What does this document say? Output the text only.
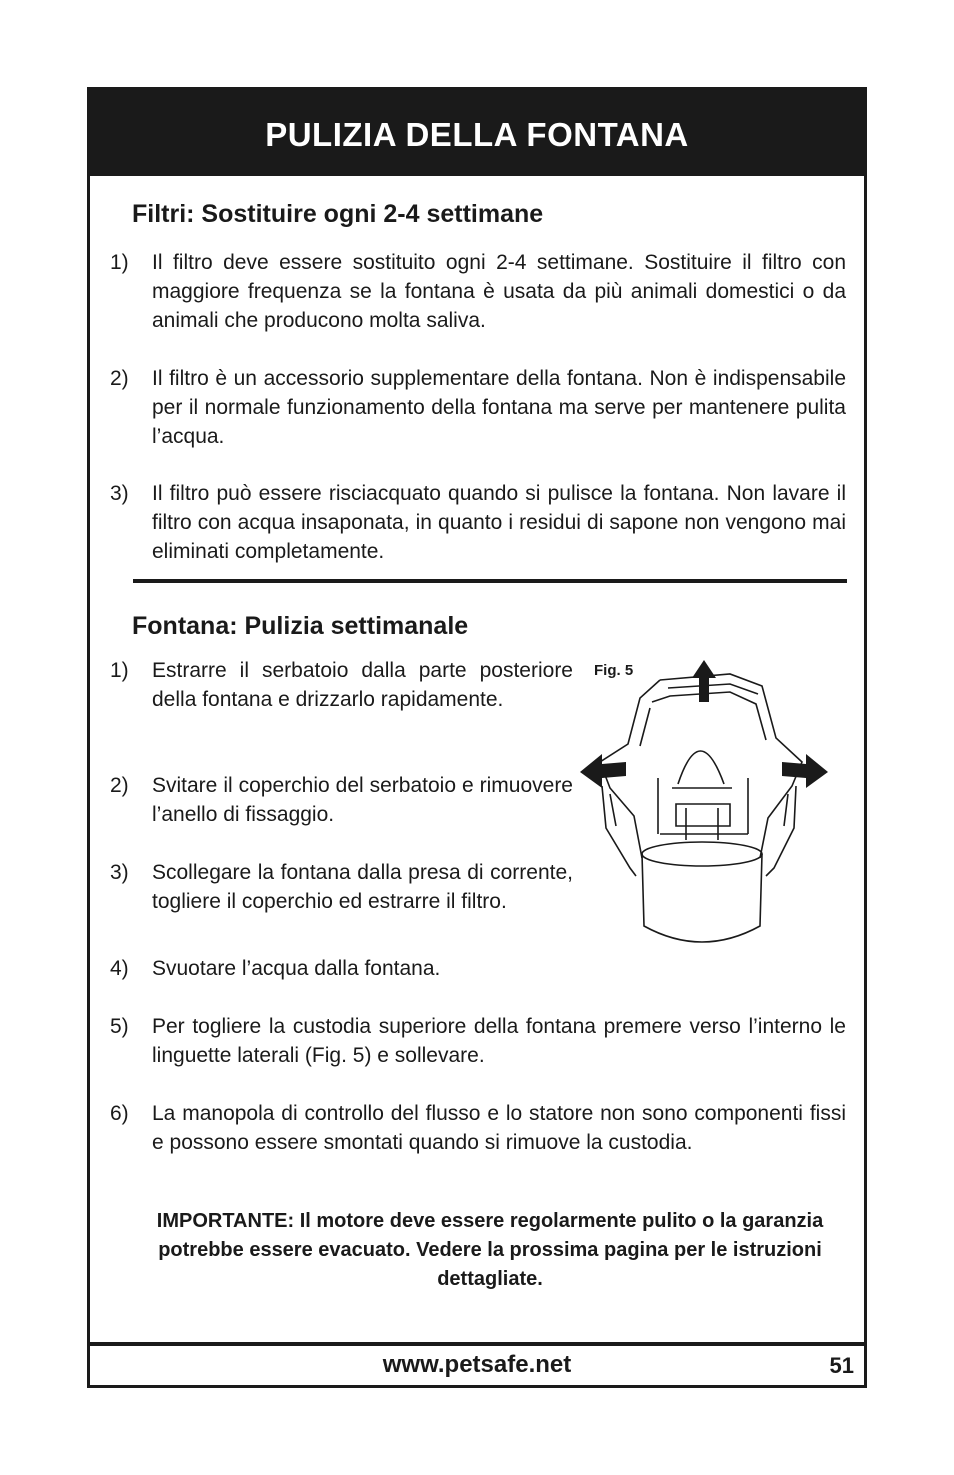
PULIZIA DELLA FONTANA
Filtri: Sostituire ogni 2-4 settimane
1) Il filtro deve essere sostituito ogni 2-4 settimane. Sostituire il filtro con maggiore frequenza se la fontana è usata da più animali domestici o da animali che producono molta saliva.
2) Il filtro è un accessorio supplementare della fontana. Non è indispensabile per il normale funzionamento della fontana ma serve per mantenere pulita l’acqua.
3) Il filtro può essere risciacquato quando si pulisce la fontana. Non lavare il filtro con acqua insaponata, in quanto i residui di sapone non vengono mai eliminati completamente.
Fontana: Pulizia settimanale
1) Estrarre il serbatoio dalla parte posteriore della fontana e drizzarlo rapidamente.
2) Svitare il coperchio del serbatoio e rimuovere l’anello di fissaggio.
3) Scollegare la fontana dalla presa di corrente, togliere il coperchio ed estrarre il filtro.
4) Svuotare l’acqua dalla fontana.
5) Per togliere la custodia superiore della fontana premere verso l’interno le linguette laterali (Fig. 5) e sollevare.
6) La manopola di controllo del flusso e lo statore non sono componenti fissi e possono essere smontati quando si rimuove la custodia.
Fig. 5
IMPORTANTE: Il motore deve essere regolarmente pulito o la garanzia potrebbe essere evacuato. Vedere la prossima pagina per le istruzioni dettagliate.
www.petsafe.net	51
